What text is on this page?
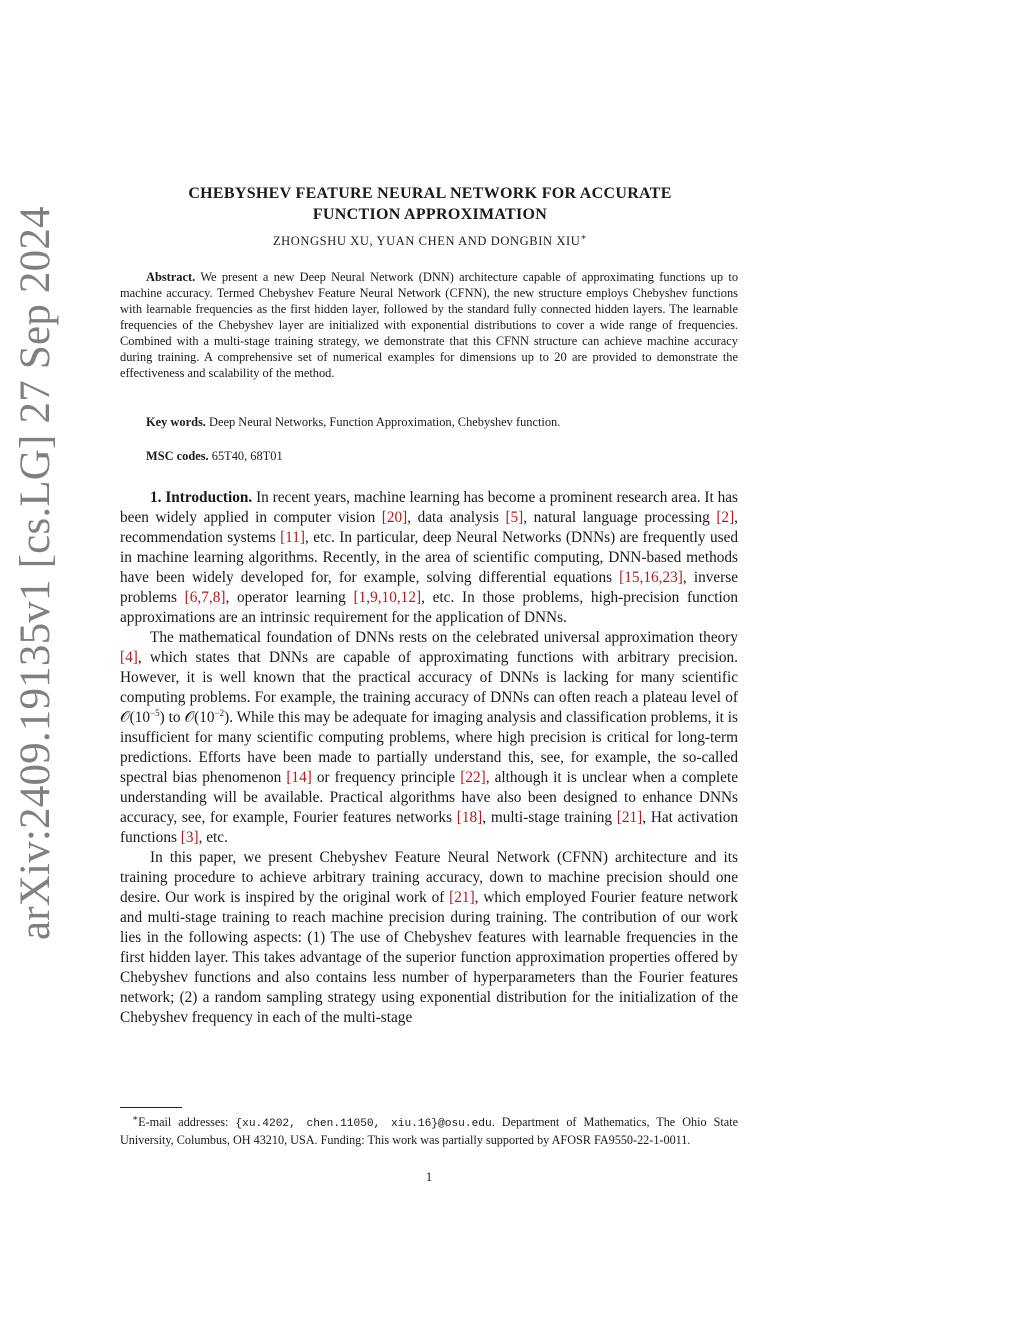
arXiv:2409.19135v1 [cs.LG] 27 Sep 2024
CHEBYSHEV FEATURE NEURAL NETWORK FOR ACCURATE
FUNCTION APPROXIMATION
ZHONGSHU XU, YUAN CHEN AND DONGBIN XIU∗
Abstract. We present a new Deep Neural Network (DNN) architecture capable of approximating functions up to machine accuracy. Termed Chebyshev Feature Neural Network (CFNN), the new structure employs Chebyshev functions with learnable frequencies as the first hidden layer, followed by the standard fully connected hidden layers. The learnable frequencies of the Chebyshev layer are initialized with exponential distributions to cover a wide range of frequencies. Combined with a multi-stage training strategy, we demonstrate that this CFNN structure can achieve machine accuracy during training. A comprehensive set of numerical examples for dimensions up to 20 are provided to demonstrate the effectiveness and scalability of the method.
Key words. Deep Neural Networks, Function Approximation, Chebyshev function.
MSC codes. 65T40, 68T01

1. Introduction. In recent years, machine learning has become a prominent research area. It has been widely applied in computer vision [20], data analysis [5], natural language processing [2], recommendation systems [11], etc. In particular, deep Neural Networks (DNNs) are frequently used in machine learning algorithms. Recently, in the area of scientific computing, DNN-based methods have been widely developed for, for example, solving differential equations [15,16,23], inverse problems [6,7,8], operator learning [1,9,10,12], etc. In those problems, high-precision function approximations are an intrinsic requirement for the application of DNNs.

The mathematical foundation of DNNs rests on the celebrated universal approximation theory [4], which states that DNNs are capable of approximating functions with arbitrary precision. However, it is well known that the practical accuracy of DNNs is lacking for many scientific computing problems. For example, the training accuracy of DNNs can often reach a plateau level of $𝒪(10^{-5})$ to $𝒪(10^{-2})$. While this may be adequate for imaging analysis and classification problems, it is insufficient for many scientific computing problems, where high precision is critical for long-term predictions. Efforts have been made to partially understand this, see, for example, the so-called spectral bias phenomenon [14] or frequency principle [22], although it is unclear when a complete understanding will be available. Practical algorithms have also been designed to enhance DNNs accuracy, see, for example, Fourier features networks [18], multi-stage training [21], Hat activation functions [3], etc.

In this paper, we present Chebyshev Feature Neural Network (CFNN) architecture and its training procedure to achieve arbitrary training accuracy, down to machine precision should one desire. Our work is inspired by the original work of [21], which employed Fourier feature network and multi-stage training to reach machine precision during training. The contribution of our work lies in the following aspects: (1) The use of Chebyshev features with learnable frequencies in the first hidden layer. This takes advantage of the superior function approximation properties offered by Chebyshev functions and also contains less number of hyperparameters than the Fourier features network; (2) a random sampling strategy using exponential distribution for the initialization of the Chebyshev frequency in each of the multi-stage

∗E-mail addresses: {xu.4202, chen.11050, xiu.16}@osu.edu. Department of Mathematics, The Ohio State University, Columbus, OH 43210, USA. Funding: This work was partially supported by AFOSR FA9550-22-1-0011.
1
